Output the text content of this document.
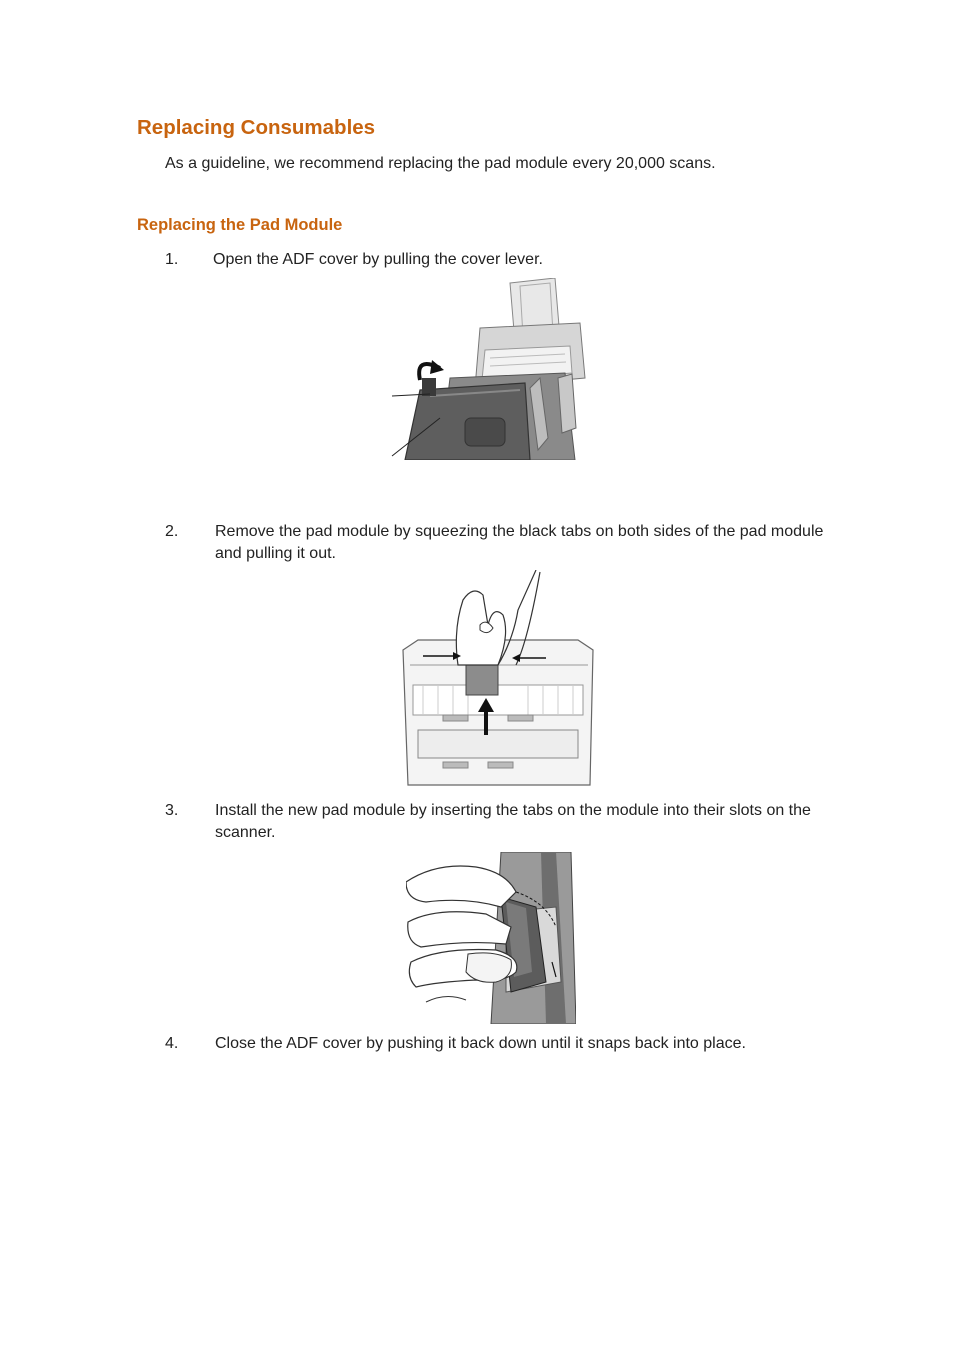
Replacing Consumables

As a guideline, we recommend replacing the pad module every 20,000 scans.

Replacing the Pad Module
1. Open the ADF cover by pulling the cover lever.
2. Remove the pad module by squeezing the black tabs on both sides of the pad module and pulling it out.
3. Install the new pad module by inserting the tabs on the module into their slots on the scanner.
4. Close the ADF cover by pushing it back down until it snaps back into place.
